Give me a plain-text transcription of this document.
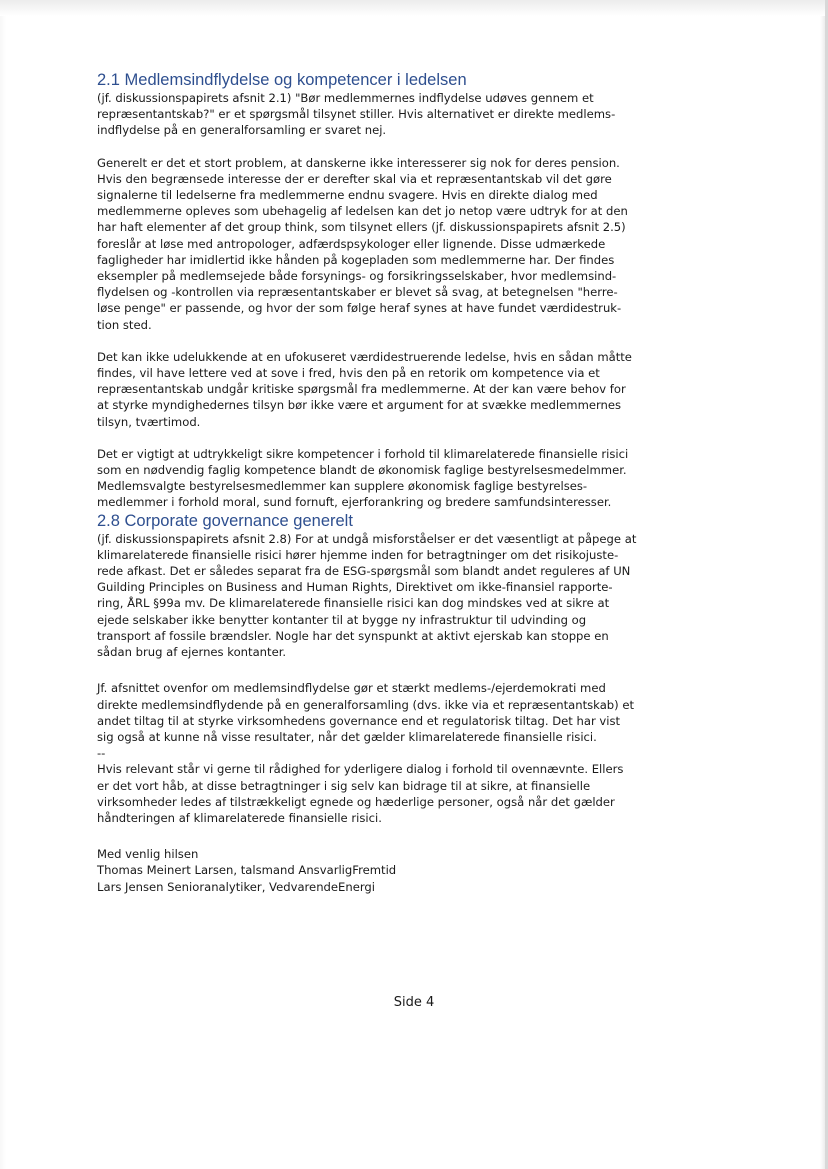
2.1 Medlemsindflydelse og kompetencer i ledelsen
(jf. diskussionspapirets afsnit 2.1) "Bør medlemmernes indflydelse udøves gennem et
repræsentantskab?" er et spørgsmål tilsynet stiller. Hvis alternativet er direkte medlems-
indflydelse på en generalforsamling er svaret nej.
Generelt er det et stort problem, at danskerne ikke interesserer sig nok for deres pension.
Hvis den begrænsede interesse der er derefter skal via et repræsentantskab vil det gøre
signalerne til ledelserne fra medlemmerne endnu svagere. Hvis en direkte dialog med
medlemmerne opleves som ubehagelig af ledelsen kan det jo netop være udtryk for at den
har haft elementer af det group think, som tilsynet ellers (jf. diskussionspapirets afsnit 2.5)
foreslår at løse med antropologer, adfærdspsykologer eller lignende. Disse udmærkede
fagligheder har imidlertid ikke hånden på kogepladen som medlemmerne har. Der findes
eksempler på medlemsejede både forsynings- og forsikringsselskaber, hvor medlemsind-
flydelsen og -kontrollen via repræsentantskaber er blevet så svag, at betegnelsen "herre-
løse penge" er passende, og hvor der som følge heraf synes at have fundet værdidestruk-
tion sted.
Det kan ikke udelukkende at en ufokuseret værdidestruerende ledelse, hvis en sådan måtte
findes, vil have lettere ved at sove i fred, hvis den på en retorik om kompetence via et
repræsentantskab undgår kritiske spørgsmål fra medlemmerne. At der kan være behov for
at styrke myndighedernes tilsyn bør ikke være et argument for at svække medlemmernes
tilsyn, tværtimod.
Det er vigtigt at udtrykkeligt sikre kompetencer i forhold til klimarelaterede finansielle risici
som en nødvendig faglig kompetence blandt de økonomisk faglige bestyrelsesmedelmmer.
Medlemsvalgte bestyrelsesmedlemmer kan supplere økonomisk faglige bestyrelses-
medlemmer i forhold moral, sund fornuft, ejerforankring og bredere samfundsinteresser.
2.8 Corporate governance generelt
(jf. diskussionspapirets afsnit 2.8) For at undgå misforståelser er det væsentligt at påpege at
klimarelaterede finansielle risici hører hjemme inden for betragtninger om det risikojuste-
rede afkast. Det er således separat fra de ESG-spørgsmål som blandt andet reguleres af UN
Guilding Principles on Business and Human Rights, Direktivet om ikke-finansiel rapporte-
ring, ÅRL §99a mv. De klimarelaterede finansielle risici kan dog mindskes ved at sikre at
ejede selskaber ikke benytter kontanter til at bygge ny infrastruktur til udvinding og
transport af fossile brændsler. Nogle har det synspunkt at aktivt ejerskab kan stoppe en
sådan brug af ejernes kontanter.
Jf. afsnittet ovenfor om medlemsindflydelse gør et stærkt medlems-/ejerdemokrati med
direkte medlemsindflydende på en generalforsamling (dvs. ikke via et repræsentantskab) et
andet tiltag til at styrke virksomhedens governance end et regulatorisk tiltag. Det har vist
sig også at kunne nå visse resultater, når det gælder klimarelaterede finansielle risici.
--
Hvis relevant står vi gerne til rådighed for yderligere dialog i forhold til ovennævnte. Ellers
er det vort håb, at disse betragtninger i sig selv kan bidrage til at sikre, at finansielle
virksomheder ledes af tilstrækkeligt egnede og hæderlige personer, også når det gælder
håndteringen af klimarelaterede finansielle risici.
Med venlig hilsen
Thomas Meinert Larsen, talsmand AnsvarligFremtid
Lars Jensen Senioranalytiker, VedvarendeEnergi
Side 4
